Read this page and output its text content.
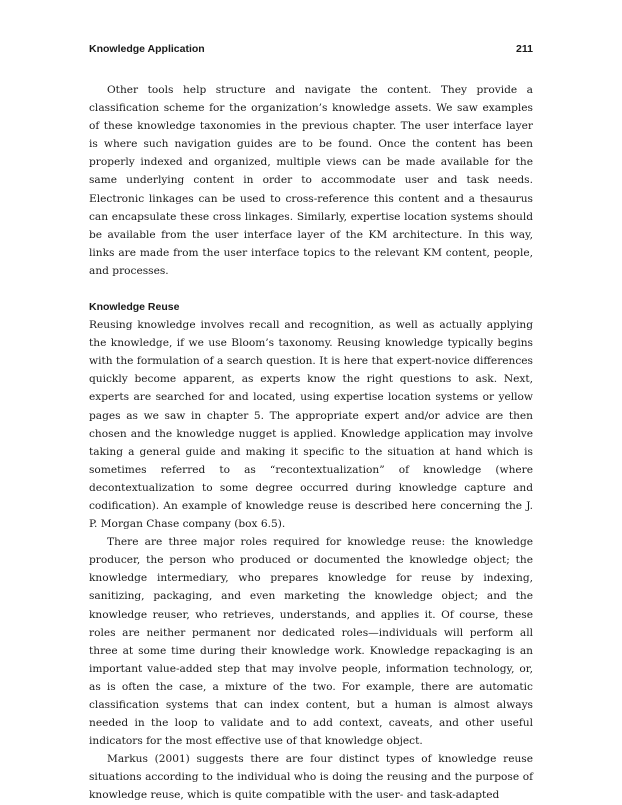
Knowledge Application	211

Other tools help structure and navigate the content. They provide a classification scheme for the organization’s knowledge assets. We saw examples of these knowledge taxonomies in the previous chapter. The user interface layer is where such navigation guides are to be found. Once the content has been properly indexed and organized, multiple views can be made available for the same underlying content in order to accommodate user and task needs. Electronic linkages can be used to cross-reference this content and a thesaurus can encapsulate these cross linkages. Similarly, expertise location systems should be available from the user interface layer of the KM architecture. In this way, links are made from the user interface topics to the relevant KM content, people, and processes.

Knowledge Reuse

Reusing knowledge involves recall and recognition, as well as actually applying the knowledge, if we use Bloom’s taxonomy. Reusing knowledge typically begins with the formulation of a search question. It is here that expert-novice differences quickly become apparent, as experts know the right questions to ask. Next, experts are searched for and located, using expertise location systems or yellow pages as we saw in chapter 5. The appropriate expert and/or advice are then chosen and the knowledge nugget is applied. Knowledge application may involve taking a general guide and making it specific to the situation at hand which is sometimes referred to as “recontextualization” of knowledge (where decontextualization to some degree occurred during knowledge capture and codification). An example of knowledge reuse is described here concerning the J. P. Morgan Chase company (box 6.5).

There are three major roles required for knowledge reuse: the knowledge producer, the person who produced or documented the knowledge object; the knowledge intermediary, who prepares knowledge for reuse by indexing, sanitizing, packaging, and even marketing the knowledge object; and the knowledge reuser, who retrieves, understands, and applies it. Of course, these roles are neither permanent nor dedicated roles—individuals will perform all three at some time during their knowledge work. Knowledge repackaging is an important value-added step that may involve people, information technology, or, as is often the case, a mixture of the two. For example, there are automatic classification systems that can index content, but a human is almost always needed in the loop to validate and to add context, caveats, and other useful indicators for the most effective use of that knowledge object.

Markus (2001) suggests there are four distinct types of knowledge reuse situations according to the individual who is doing the reusing and the purpose of knowledge reuse, which is quite compatible with the user- and task-adapted
